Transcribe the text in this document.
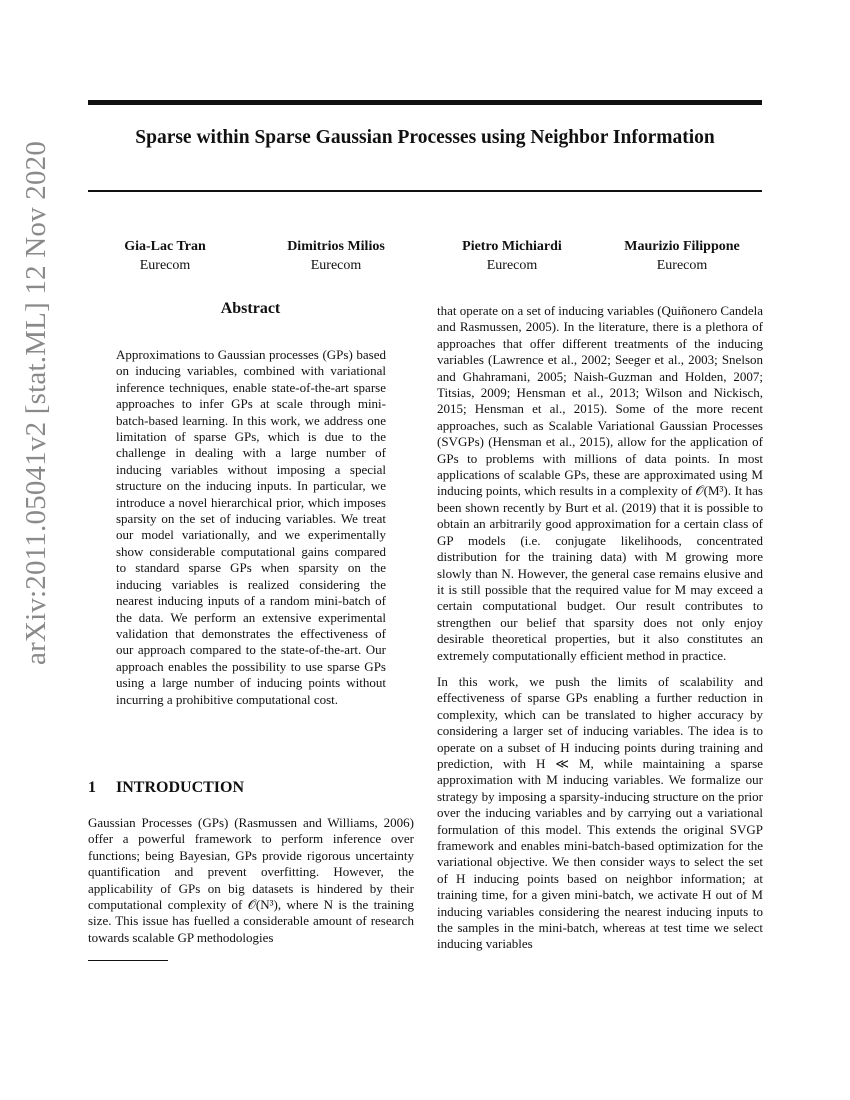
Sparse within Sparse Gaussian Processes using Neighbor Information
Gia-Lac Tran
Eurecom
Dimitrios Milios
Eurecom
Pietro Michiardi
Eurecom
Maurizio Filippone
Eurecom
arXiv:2011.05041v2 [stat.ML] 12 Nov 2020	Abstract

Approximations to Gaussian processes (GPs) based on inducing variables, combined with variational inference techniques, enable state-of-the-art sparse approaches to infer GPs at scale through mini-batch-based learning. In this work, we address one limitation of sparse GPs, which is due to the challenge in dealing with a large number of inducing variables without imposing a special structure on the inducing inputs. In particular, we introduce a novel hierarchical prior, which imposes sparsity on the set of inducing variables. We treat our model variationally, and we experimentally show considerable computational gains compared to standard sparse GPs when sparsity on the inducing variables is realized considering the nearest inducing inputs of a random mini-batch of the data. We perform an extensive experimental validation that demonstrates the effectiveness of our approach compared to the state-of-the-art. Our approach enables the possibility to use sparse GPs using a large number of inducing points without incurring a prohibitive computational cost.

1 INTRODUCTION

Gaussian Processes (GPs) (Rasmussen and Williams, 2006) offer a powerful framework to perform inference over functions; being Bayesian, GPs provide rigorous uncertainty quantification and prevent overfitting. However, the applicability of GPs on big datasets is hindered by their computational complexity of 𝒪(N³), where N is the training size. This issue has fuelled a considerable amount of research towards scalable GP methodologies

that operate on a set of inducing variables (Quiñonero Candela and Rasmussen, 2005). In the literature, there is a plethora of approaches that offer different treatments of the inducing variables (Lawrence et al., 2002; Seeger et al., 2003; Snelson and Ghahramani, 2005; Naish-Guzman and Holden, 2007; Titsias, 2009; Hensman et al., 2013; Wilson and Nickisch, 2015; Hensman et al., 2015). Some of the more recent approaches, such as Scalable Variational Gaussian Processes (SVGPs) (Hensman et al., 2015), allow for the application of GPs to problems with millions of data points. In most applications of scalable GPs, these are approximated using M inducing points, which results in a complexity of 𝒪(M³). It has been shown recently by Burt et al. (2019) that it is possible to obtain an arbitrarily good approximation for a certain class of GP models (i.e. conjugate likelihoods, concentrated distribution for the training data) with M growing more slowly than N. However, the general case remains elusive and it is still possible that the required value for M may exceed a certain computational budget. Our result contributes to strengthen our belief that sparsity does not only enjoy desirable theoretical properties, but it also constitutes an extremely computationally efficient method in practice.

In this work, we push the limits of scalability and effectiveness of sparse GPs enabling a further reduction in complexity, which can be translated to higher accuracy by considering a larger set of inducing variables. The idea is to operate on a subset of H inducing points during training and prediction, with H ≪ M, while maintaining a sparse approximation with M inducing variables. We formalize our strategy by imposing a sparsity-inducing structure on the prior over the inducing variables and by carrying out a variational formulation of this model. This extends the original SVGP framework and enables mini-batch-based optimization for the variational objective. We then consider ways to select the set of H inducing points based on neighbor information; at training time, for a given mini-batch, we activate H out of M inducing variables considering the nearest inducing inputs to the samples in the mini-batch, whereas at test time we select inducing variables
